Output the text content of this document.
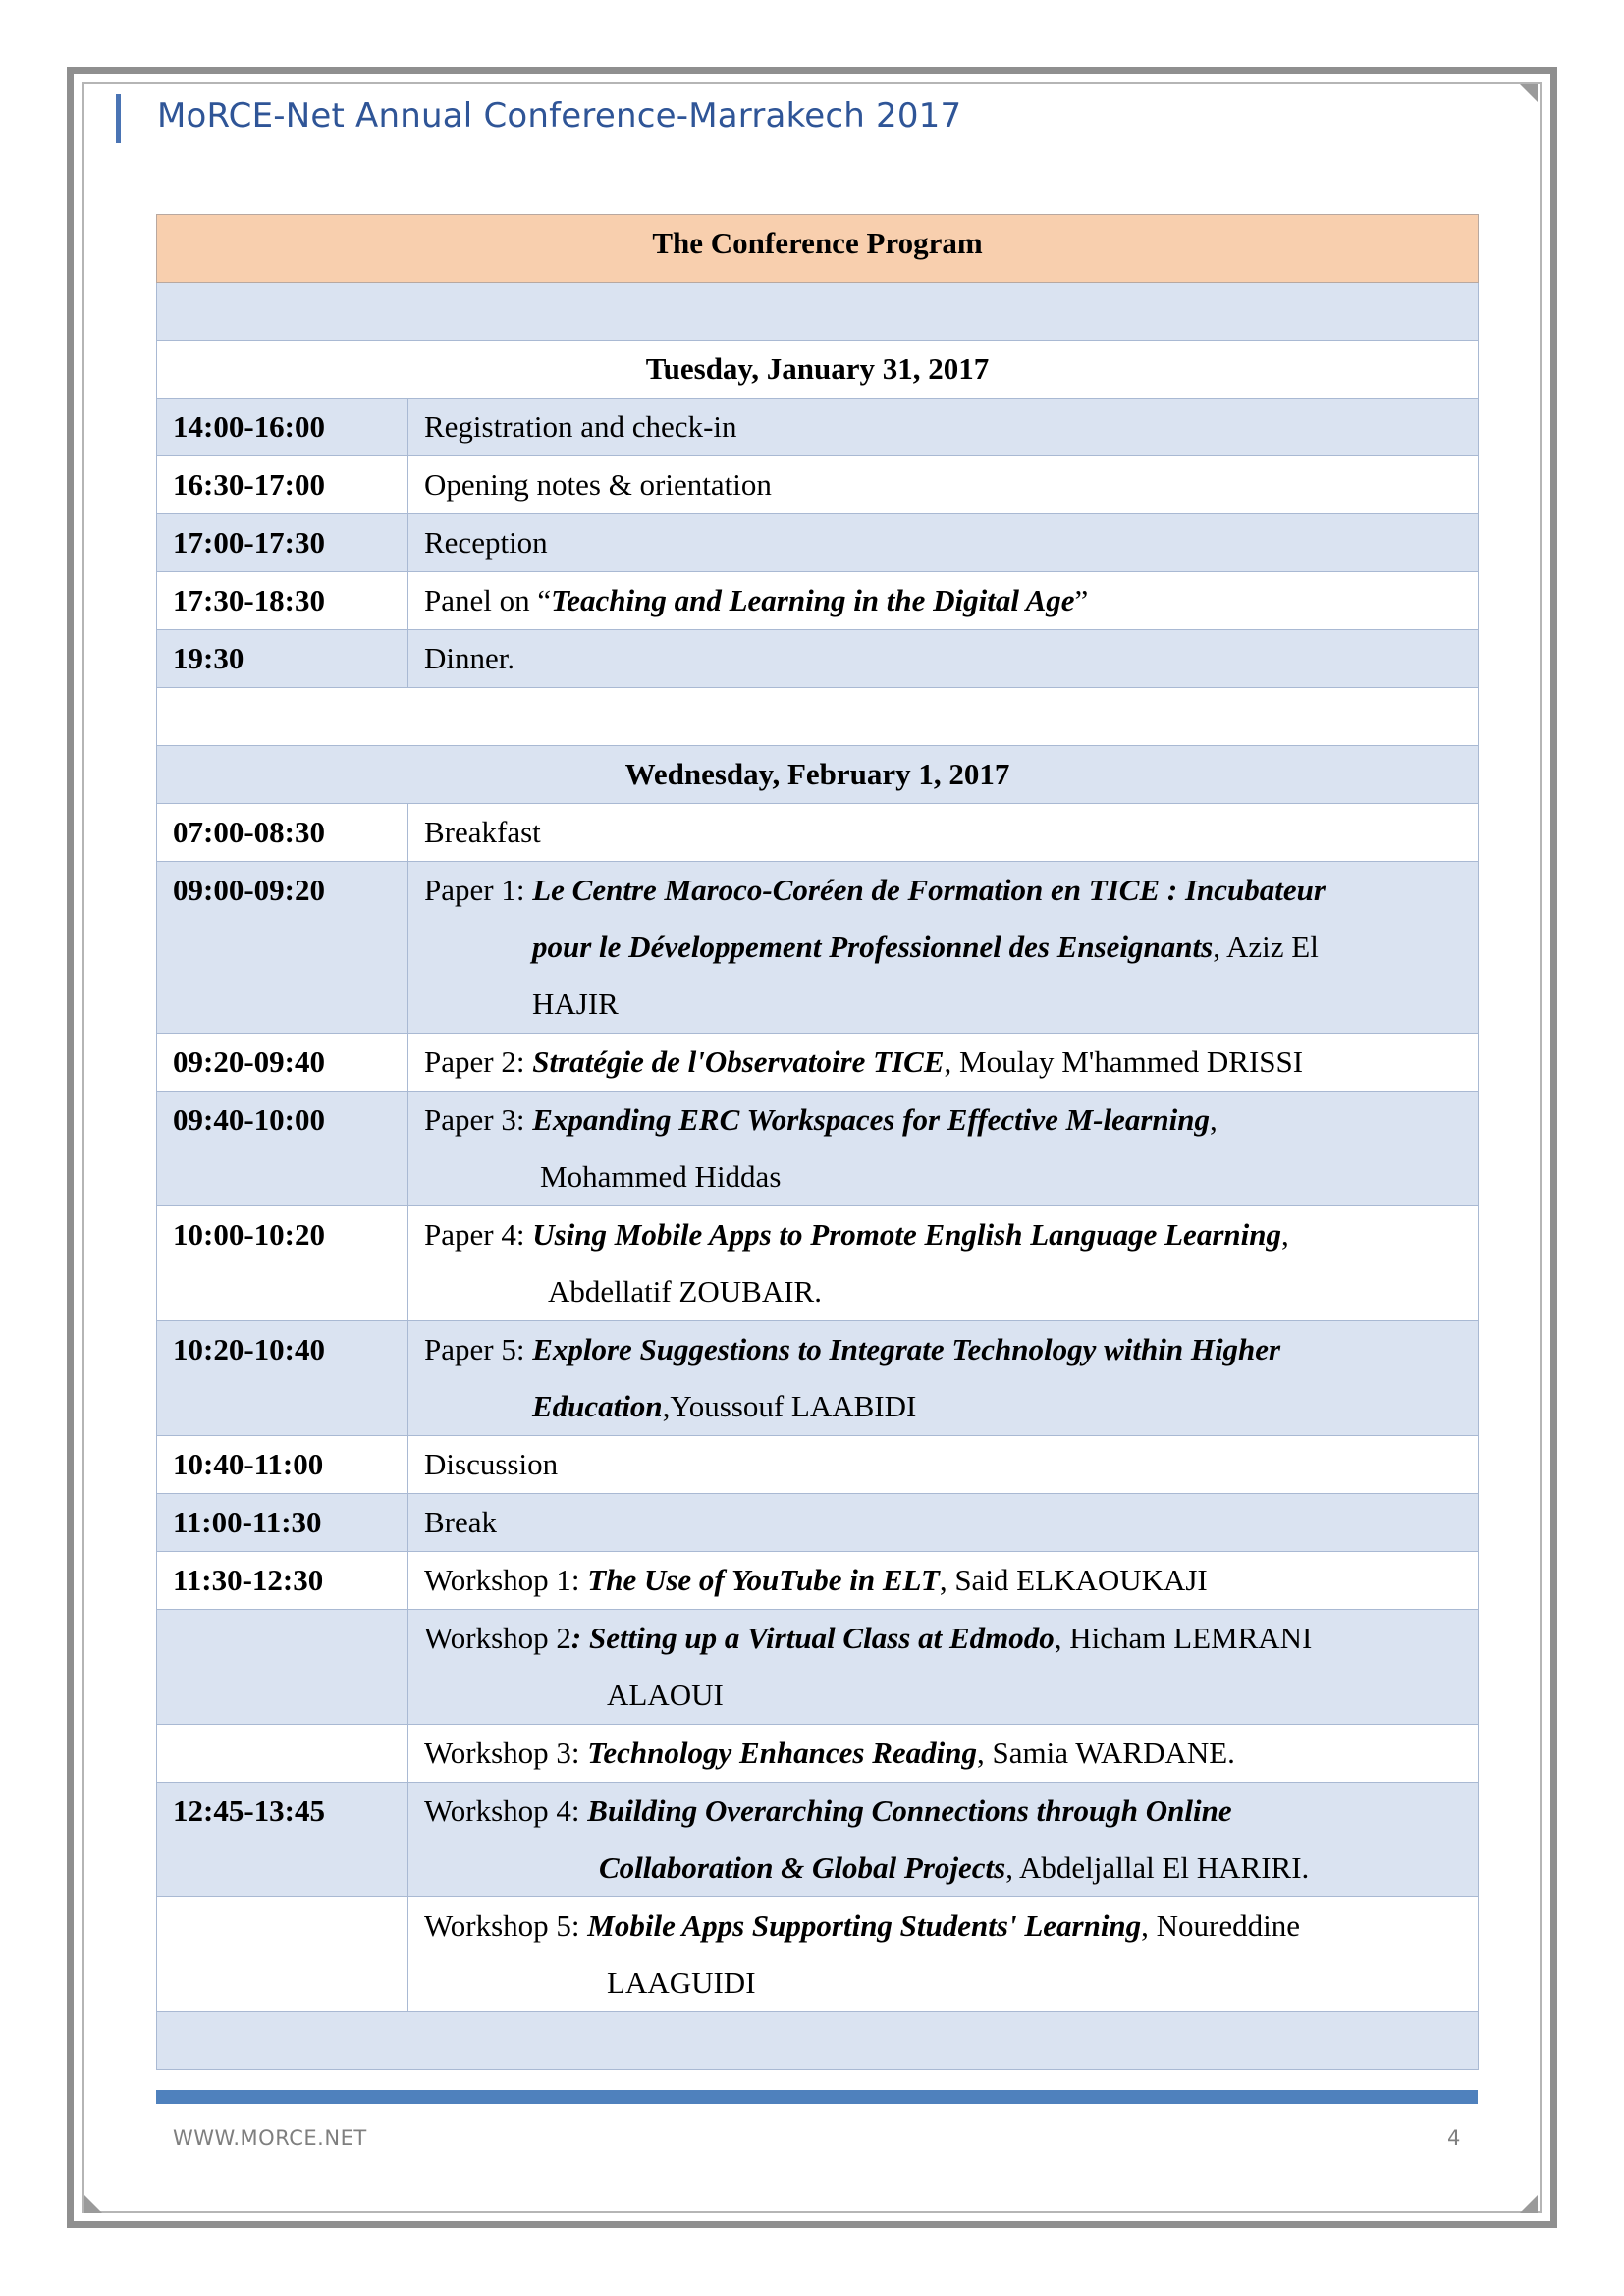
MoRCE-Net Annual Conference-Marrakech 2017
The Conference Program	

Tuesday, January 31, 2017	
14:00-16:00	Registration and check-in
16:30-17:00	Opening notes & orientation
17:00-17:30	Reception
17:30-18:30	Panel on “Teaching and Learning in the Digital Age”
19:30	Dinner.

Wednesday, February 1, 2017	
07:00-08:30	Breakfast
09:00-09:20	Paper 1: Le Centre Maroco-Coréen de Formation en TICE : Incubateur
pour le Développement Professionnel des Enseignants, Aziz El
HAJIR

09:20-09:40	Paper 2: Stratégie de l'Observatoire TICE, Moulay M'hammed DRISSI
09:40-10:00	Paper 3: Expanding ERC Workspaces for Effective M-learning,
Mohammed Hiddas

10:00-10:20	Paper 4: Using Mobile Apps to Promote English Language Learning,
Abdellatif ZOUBAIR.

10:20-10:40	Paper 5: Explore Suggestions to Integrate Technology within Higher
Education,Youssouf LAABIDI

10:40-11:00	Discussion
11:00-11:30	Break
11:30-12:30	Workshop 1: The Use of YouTube in ELT, Said ELKAOUKAJI

	Workshop 2: Setting up a Virtual Class at Edmodo, Hicham LEMRANI
ALAOUI

	Workshop 3: Technology Enhances Reading, Samia WARDANE.
12:45-13:45	Workshop 4: Building Overarching Connections through Online
Collaboration & Global Projects, Abdeljallal El HARIRI.

	Workshop 5: Mobile Apps Supporting Students' Learning, Noureddine
LAAGUIDI

WWW.MORCE.NET	4
